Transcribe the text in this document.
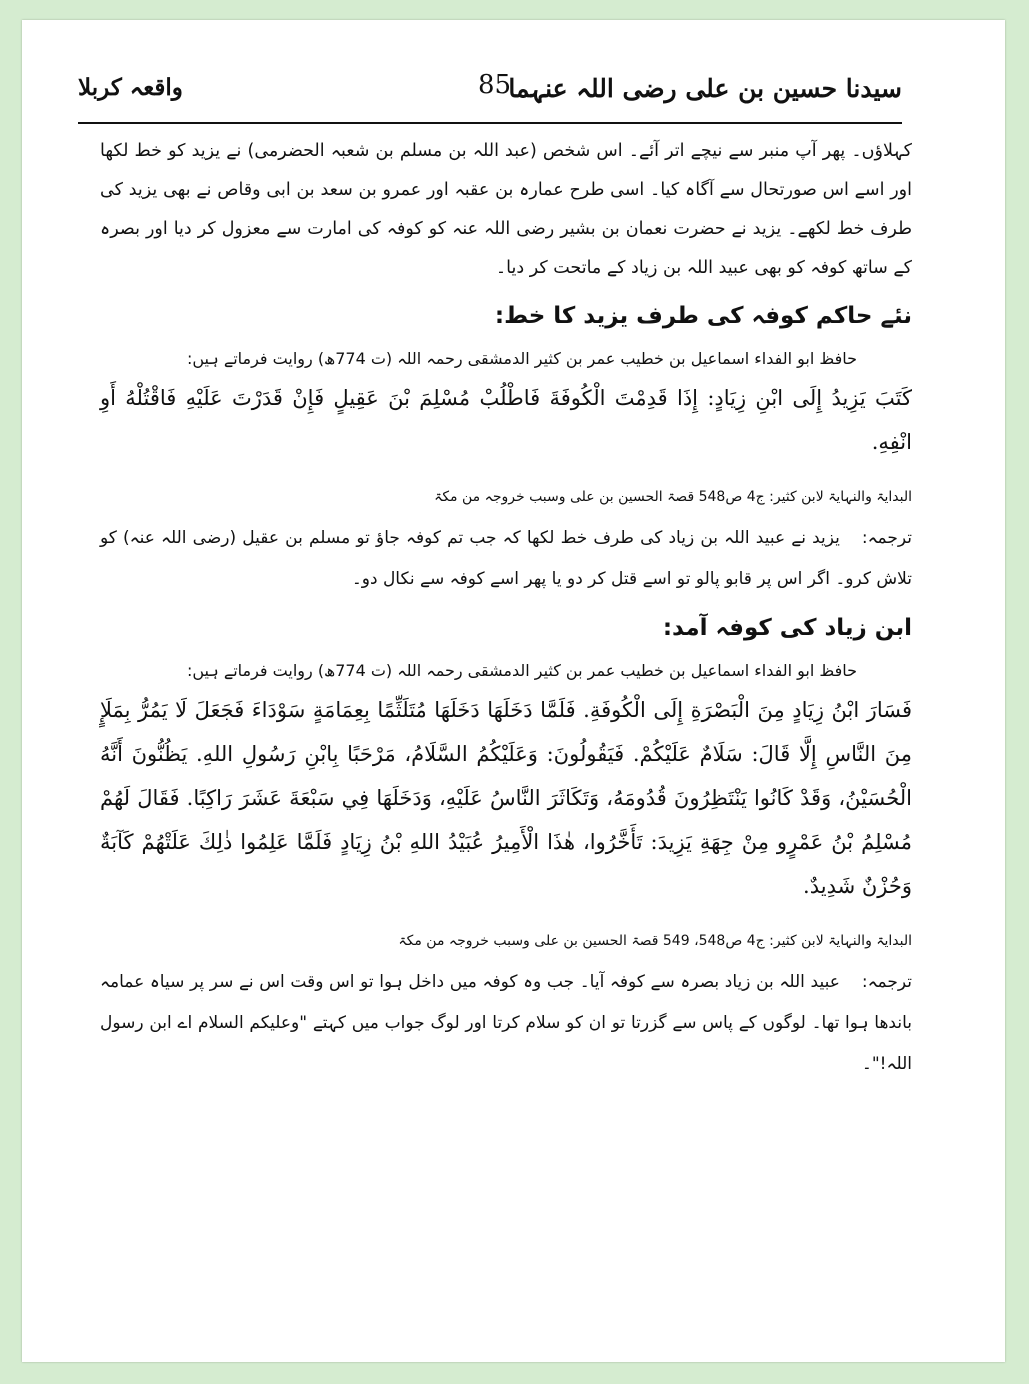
سیدنا حسین بن علی رضی اللہ عنہما
85
واقعہ کربلا

کہلاؤں۔ پھر آپ منبر سے نیچے اتر آئے۔ اس شخص (عبد اللہ بن مسلم بن شعبہ الحضرمی) نے یزید کو خط لکھا اور اسے اس صورتحال سے آگاہ کیا۔ اسی طرح عمارہ بن عقبہ اور عمرو بن سعد بن ابی وقاص نے بھی یزید کی طرف خط لکھے۔ یزید نے حضرت نعمان بن بشیر رضی اللہ عنہ کو کوفہ کی امارت سے معزول کر دیا اور بصرہ کے ساتھ کوفہ کو بھی عبید اللہ بن زیاد کے ماتحت کر دیا۔

نئے حاکم کوفہ کی طرف یزید کا خط:

حافظ ابو الفداء اسماعیل بن خطیب عمر بن کثیر الدمشقی رحمہ اللہ (ت 774ھ) روایت فرماتے ہیں:

كَتَبَ يَزِيدُ إِلَى ابْنِ زِيَادٍ: إِذَا قَدِمْتَ الْكُوفَةَ فَاطْلُبْ مُسْلِمَ بْنَ عَقِيلٍ فَإِنْ قَدَرْتَ عَلَيْهِ فَاقْتُلْهُ أَوِ انْفِهِ.

البدایۃ والنہایۃ لابن کثیر: ج4 ص548 قصۃ الحسین بن علی وسبب خروجہ من مکۃ

ترجمہ:یزید نے عبید اللہ بن زیاد کی طرف خط لکھا کہ جب تم کوفہ جاؤ تو مسلم بن عقیل (رضی اللہ عنہ) کو تلاش کرو۔ اگر اس پر قابو پالو تو اسے قتل کر دو یا پھر اسے کوفہ سے نکال دو۔

ابن زیاد کی کوفہ آمد:

حافظ ابو الفداء اسماعیل بن خطیب عمر بن کثیر الدمشقی رحمہ اللہ (ت 774ھ) روایت فرماتے ہیں:

فَسَارَ ابْنُ زِيَادٍ مِنَ الْبَصْرَةِ إِلَى الْكُوفَةِ. فَلَمَّا دَخَلَهَا دَخَلَهَا مُتَلَثِّمًا بِعِمَامَةٍ سَوْدَاءَ فَجَعَلَ لَا يَمُرُّ بِمَلَإٍ مِنَ النَّاسِ إِلَّا قَالَ: سَلَامٌ عَلَيْكُمْ. فَيَقُولُونَ: وَعَلَيْكُمُ السَّلَامُ، مَرْحَبًا بِابْنِ رَسُولِ اللهِ. يَظُنُّونَ أَنَّهُ الْحُسَيْنُ، وَقَدْ كَانُوا يَنْتَظِرُونَ قُدُومَهُ، وَتَكَاثَرَ النَّاسُ عَلَيْهِ، وَدَخَلَهَا فِي سَبْعَةَ عَشَرَ رَاكِبًا. فَقَالَ لَهُمْ مُسْلِمُ بْنُ عَمْرٍو مِنْ جِهَةِ يَزِيدَ: تَأَخَّرُوا، هٰذَا الْأَمِيرُ عُبَيْدُ اللهِ بْنُ زِيَادٍ فَلَمَّا عَلِمُوا ذٰلِكَ عَلَتْهُمْ كَآبَةٌ وَحُزْنٌ شَدِيدٌ.

البدایۃ والنہایۃ لابن کثیر: ج4 ص548، 549 قصۃ الحسین بن علی وسبب خروجہ من مکۃ

ترجمہ:عبید اللہ بن زیاد بصرہ سے کوفہ آیا۔ جب وہ کوفہ میں داخل ہوا تو اس وقت اس نے سر پر سیاہ عمامہ باندھا ہوا تھا۔ لوگوں کے پاس سے گزرتا تو ان کو سلام کرتا اور لوگ جواب میں کہتے "وعلیکم السلام اے ابن رسول اللہ!"۔
